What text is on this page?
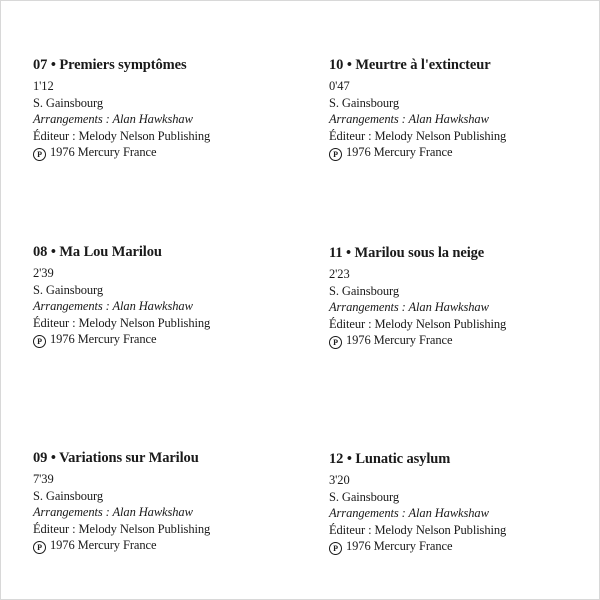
07 • Premiers symptômes
1'12
S. Gainsbourg
Arrangements : Alan Hawkshaw
Éditeur : Melody Nelson Publishing
P 1976 Mercury France
10 • Meurtre à l'extincteur
0'47
S. Gainsbourg
Arrangements : Alan Hawkshaw
Éditeur : Melody Nelson Publishing
P 1976 Mercury France
08 • Ma Lou Marilou
2'39
S. Gainsbourg
Arrangements : Alan Hawkshaw
Éditeur : Melody Nelson Publishing
P 1976 Mercury France
11 • Marilou sous la neige
2'23
S. Gainsbourg
Arrangements : Alan Hawkshaw
Éditeur : Melody Nelson Publishing
P 1976 Mercury France
09 • Variations sur Marilou
7'39
S. Gainsbourg
Arrangements : Alan Hawkshaw
Éditeur : Melody Nelson Publishing
P 1976 Mercury France
12 • Lunatic asylum
3'20
S. Gainsbourg
Arrangements : Alan Hawkshaw
Éditeur : Melody Nelson Publishing
P 1976 Mercury France
